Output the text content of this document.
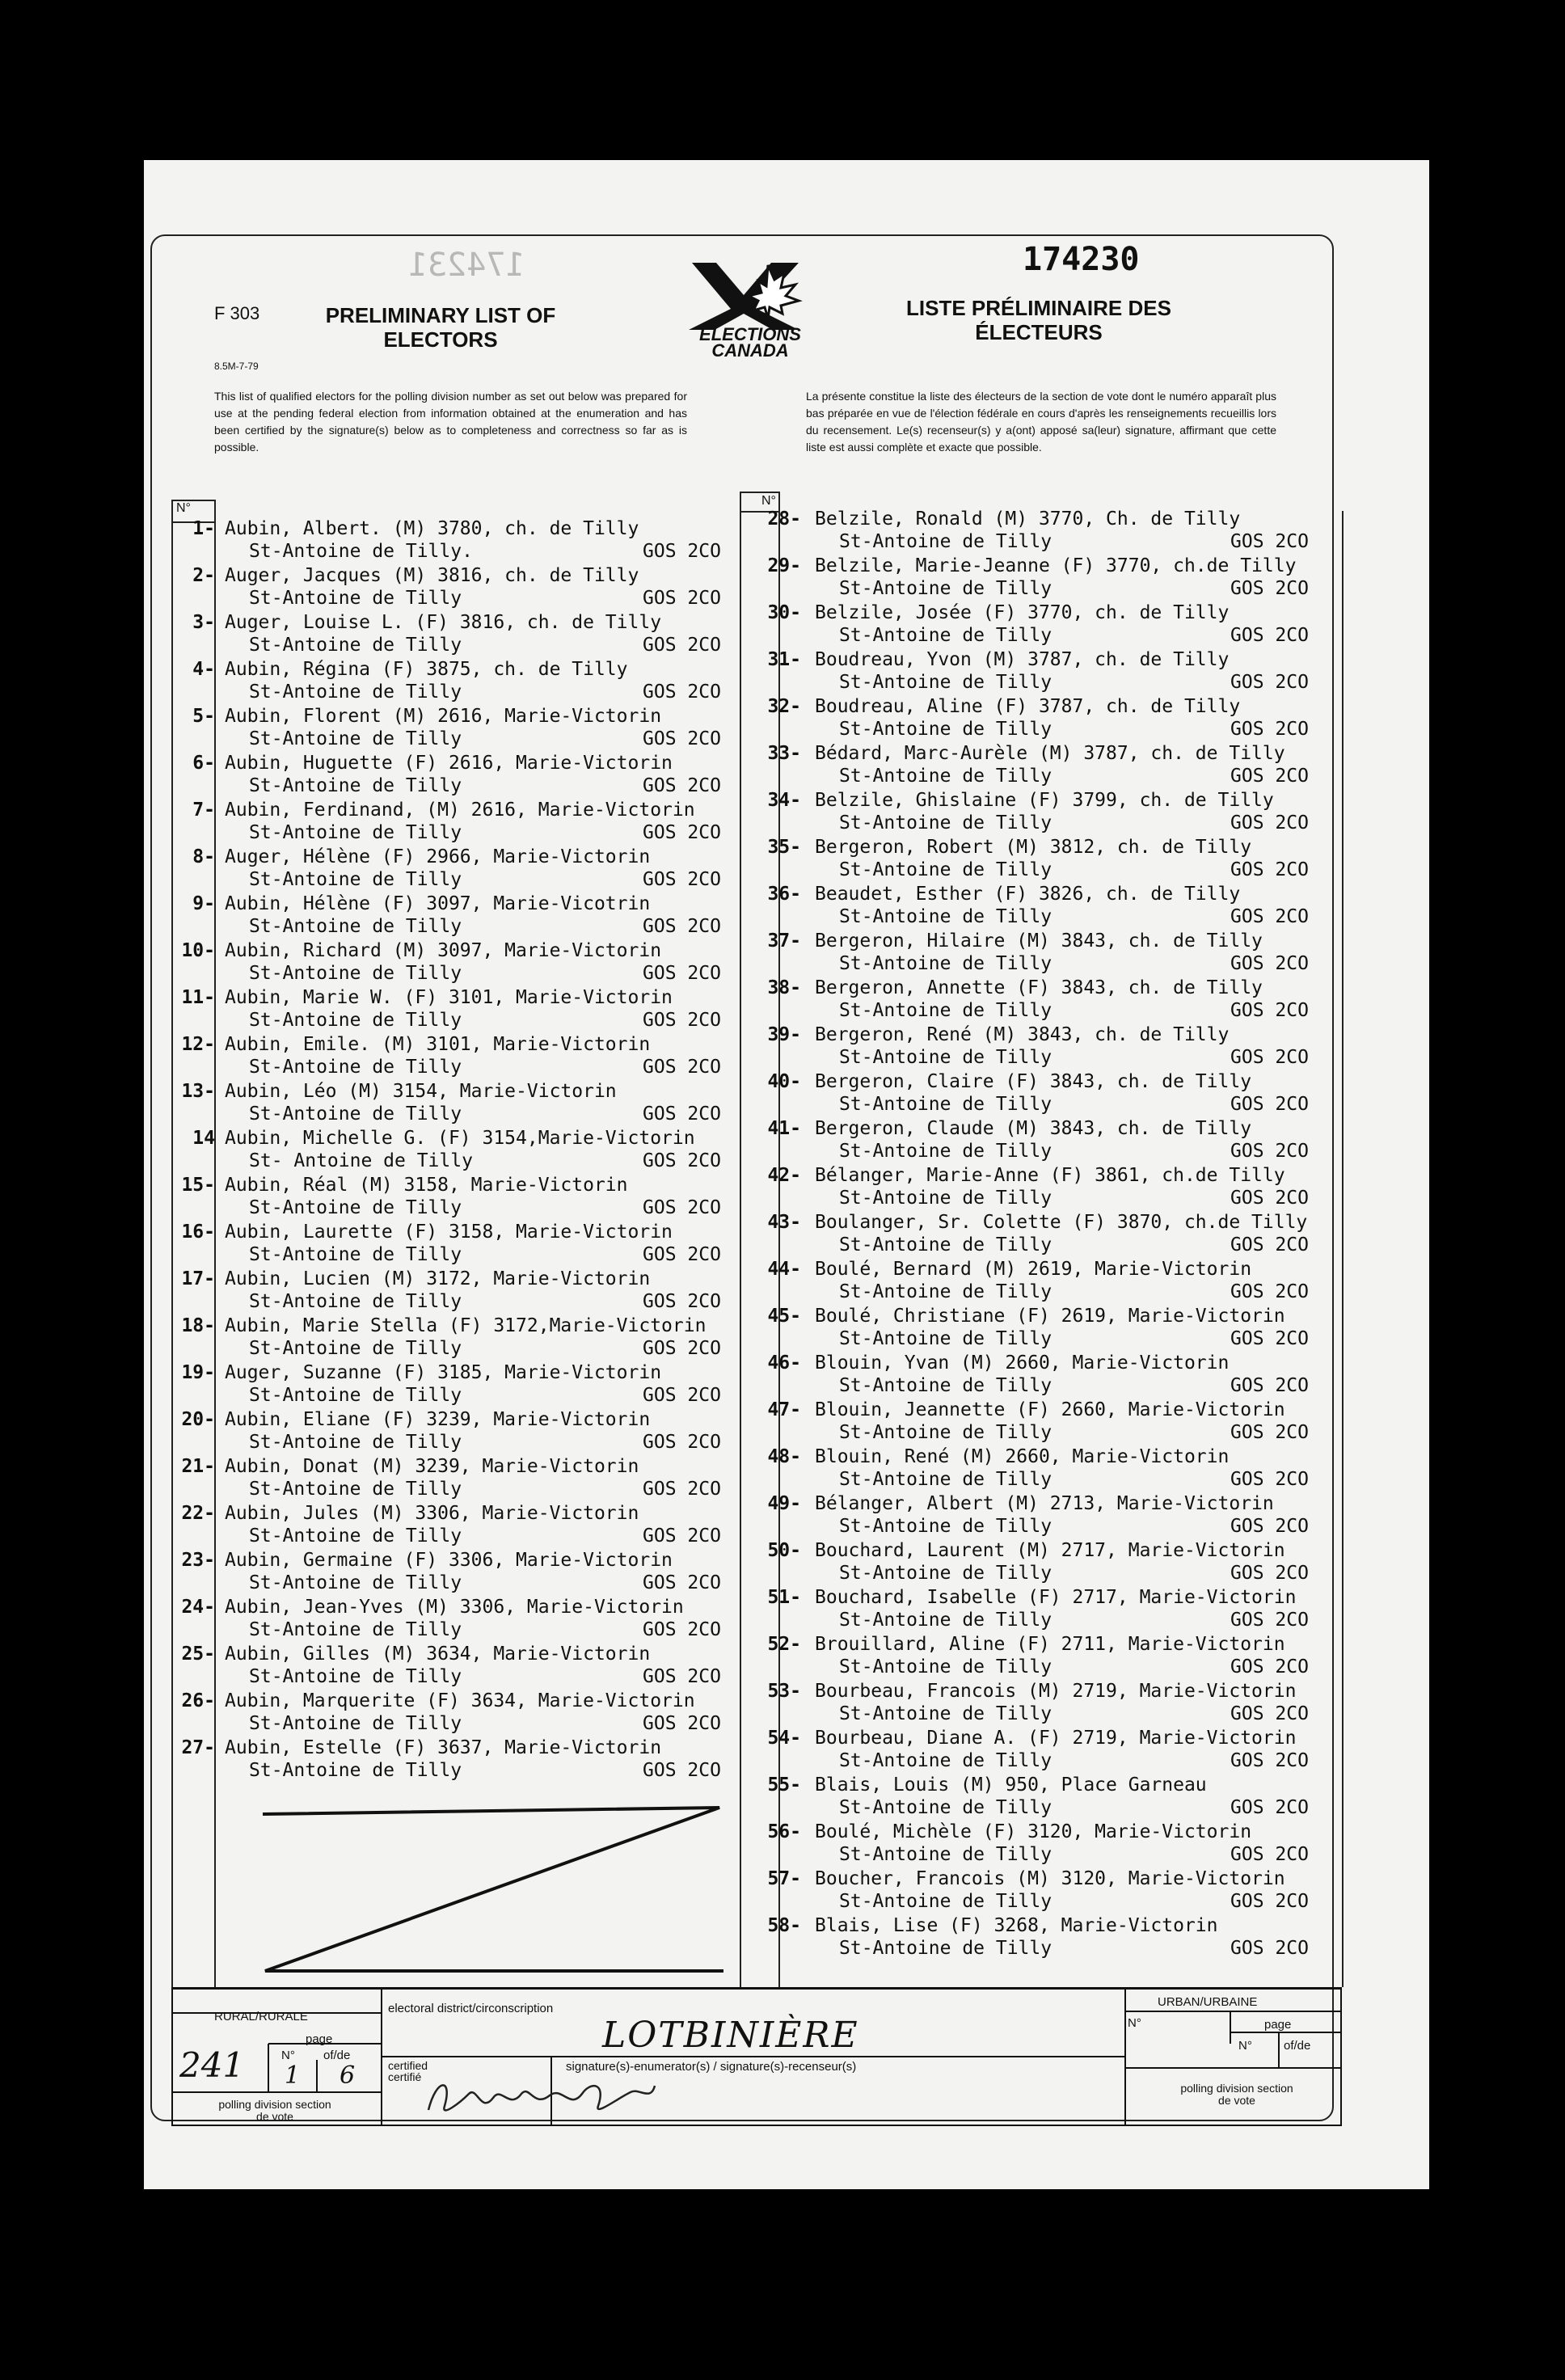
F 303
8.5M-7-79
174231	174230
PRELIMINARY LIST OF ELECTORS
LISTE PRÉLIMINAIRE DES ÉLECTEURS
ELECTIONS
CANADA
This list of qualified electors for the polling division number as set out below was prepared for use at the pending federal election from information obtained at the enumeration and has been certified by the signature(s) below as to completeness and correctness so far as is possible.
La présente constitue la liste des électeurs de la section de vote dont le numéro apparaît plus bas préparée en vue de l'élection fédérale en cours d'après les renseignements recueillis lors du recensement. Le(s) recenseur(s) y a(ont) apposé sa(leur) signature, affirmant que cette liste est aussi complète et exacte que possible.
N°
N°
1- Aubin, Albert. (M) 3780, ch. de Tilly
St-Antoine de Tilly.	GOS 2CO
2- Auger, Jacques (M) 3816, ch. de Tilly
St-Antoine de Tilly	GOS 2CO
3- Auger, Louise L. (F) 3816, ch. de Tilly
St-Antoine de Tilly	GOS 2CO
4- Aubin, Régina (F) 3875, ch. de Tilly
St-Antoine de Tilly	GOS 2CO
5- Aubin, Florent (M) 2616, Marie-Victorin
St-Antoine de Tilly	GOS 2CO
6- Aubin, Huguette (F) 2616, Marie-Victorin
St-Antoine de Tilly	GOS 2CO
7- Aubin, Ferdinand, (M) 2616, Marie-Victorin
St-Antoine de Tilly	GOS 2CO
8- Auger, Hélène (F) 2966, Marie-Victorin
St-Antoine de Tilly	GOS 2CO
9- Aubin, Hélène (F) 3097, Marie-Vicotrin
St-Antoine de Tilly	GOS 2CO
10- Aubin, Richard (M) 3097, Marie-Victorin
St-Antoine de Tilly	GOS 2CO
11- Aubin, Marie W. (F) 3101, Marie-Victorin
St-Antoine de Tilly	GOS 2CO
12- Aubin, Emile. (M) 3101, Marie-Victorin
St-Antoine de Tilly	GOS 2CO
13- Aubin, Léo (M) 3154, Marie-Victorin
St-Antoine de Tilly	GOS 2CO
14 Aubin, Michelle G. (F) 3154,Marie-Victorin
St- Antoine de Tilly	GOS 2CO
15- Aubin, Réal (M) 3158, Marie-Victorin
St-Antoine de Tilly	GOS 2CO
16- Aubin, Laurette (F) 3158, Marie-Victorin
St-Antoine de Tilly	GOS 2CO
17- Aubin, Lucien (M) 3172, Marie-Victorin
St-Antoine de Tilly	GOS 2CO
18- Aubin, Marie Stella (F) 3172,Marie-Victorin
St-Antoine de Tilly	GOS 2CO
19- Auger, Suzanne (F) 3185, Marie-Victorin
St-Antoine de Tilly	GOS 2CO
20- Aubin, Eliane (F) 3239, Marie-Victorin
St-Antoine de Tilly	GOS 2CO
21- Aubin, Donat (M) 3239, Marie-Victorin
St-Antoine de Tilly	GOS 2CO
22- Aubin, Jules (M) 3306, Marie-Victorin
St-Antoine de Tilly	GOS 2CO
23- Aubin, Germaine (F) 3306, Marie-Victorin
St-Antoine de Tilly	GOS 2CO
24- Aubin, Jean-Yves (M) 3306, Marie-Victorin
St-Antoine de Tilly	GOS 2CO
25- Aubin, Gilles (M) 3634, Marie-Victorin
St-Antoine de Tilly	GOS 2CO
26- Aubin, Marquerite (F) 3634, Marie-Victorin
St-Antoine de Tilly	GOS 2CO
27- Aubin, Estelle (F) 3637, Marie-Victorin
St-Antoine de Tilly	GOS 2CO
28- Belzile, Ronald (M) 3770, Ch. de Tilly
St-Antoine de Tilly	GOS 2CO
29- Belzile, Marie-Jeanne (F) 3770, ch.de Tilly
St-Antoine de Tilly	GOS 2CO
30- Belzile, Josée (F) 3770, ch. de Tilly
St-Antoine de Tilly	GOS 2CO
31- Boudreau, Yvon (M) 3787, ch. de Tilly
St-Antoine de Tilly	GOS 2CO
32- Boudreau, Aline (F) 3787, ch. de Tilly
St-Antoine de Tilly	GOS 2CO
33- Bédard, Marc-Aurèle (M) 3787, ch. de Tilly
St-Antoine de Tilly	GOS 2CO
34- Belzile, Ghislaine (F) 3799, ch. de Tilly
St-Antoine de Tilly	GOS 2CO
35- Bergeron, Robert (M) 3812, ch. de Tilly
St-Antoine de Tilly	GOS 2CO
36- Beaudet, Esther (F) 3826, ch. de Tilly
St-Antoine de Tilly	GOS 2CO
37- Bergeron, Hilaire (M) 3843, ch. de Tilly
St-Antoine de Tilly	GOS 2CO
38- Bergeron, Annette (F) 3843, ch. de Tilly
St-Antoine de Tilly	GOS 2CO
39- Bergeron, René (M) 3843, ch. de Tilly
St-Antoine de Tilly	GOS 2CO
40- Bergeron, Claire (F) 3843, ch. de Tilly
St-Antoine de Tilly	GOS 2CO
41- Bergeron, Claude (M) 3843, ch. de Tilly
St-Antoine de Tilly	GOS 2CO
42- Bélanger, Marie-Anne (F) 3861, ch.de Tilly
St-Antoine de Tilly	GOS 2CO
43- Boulanger, Sr. Colette (F) 3870, ch.de Tilly
St-Antoine de Tilly	GOS 2CO
44- Boulé, Bernard (M) 2619, Marie-Victorin
St-Antoine de Tilly	GOS 2CO
45- Boulé, Christiane (F) 2619, Marie-Victorin
St-Antoine de Tilly	GOS 2CO
46- Blouin, Yvan (M) 2660, Marie-Victorin
St-Antoine de Tilly	GOS 2CO
47- Blouin, Jeannette (F) 2660, Marie-Victorin
St-Antoine de Tilly	GOS 2CO
48- Blouin, René (M) 2660, Marie-Victorin
St-Antoine de Tilly	GOS 2CO
49- Bélanger, Albert (M) 2713, Marie-Victorin
St-Antoine de Tilly	GOS 2CO
50- Bouchard, Laurent (M) 2717, Marie-Victorin
St-Antoine de Tilly	GOS 2CO
51- Bouchard, Isabelle (F) 2717, Marie-Victorin
St-Antoine de Tilly	GOS 2CO
52- Brouillard, Aline (F) 2711, Marie-Victorin
St-Antoine de Tilly	GOS 2CO
53- Bourbeau, Francois (M) 2719, Marie-Victorin
St-Antoine de Tilly	GOS 2CO
54- Bourbeau, Diane A. (F) 2719, Marie-Victorin
St-Antoine de Tilly	GOS 2CO
55- Blais, Louis (M) 950, Place Garneau
St-Antoine de Tilly	GOS 2CO
56- Boulé, Michèle (F) 3120, Marie-Victorin
St-Antoine de Tilly	GOS 2CO
57- Boucher, Francois (M) 3120, Marie-Victorin
St-Antoine de Tilly	GOS 2CO
58- Blais, Lise (F) 3268, Marie-Victorin
St-Antoine de Tilly	GOS 2CO
RURAL/RURALE
URBAN/URBAINE
page
page
N°
N° of/de
N°	of/de
electoral district/circonscription
LOTBINIÈRE
certified certifié
signature(s)-enumerator(s) / signature(s)-recenseur(s)
polling division section de vote
polling division section de vote
241 1 6
